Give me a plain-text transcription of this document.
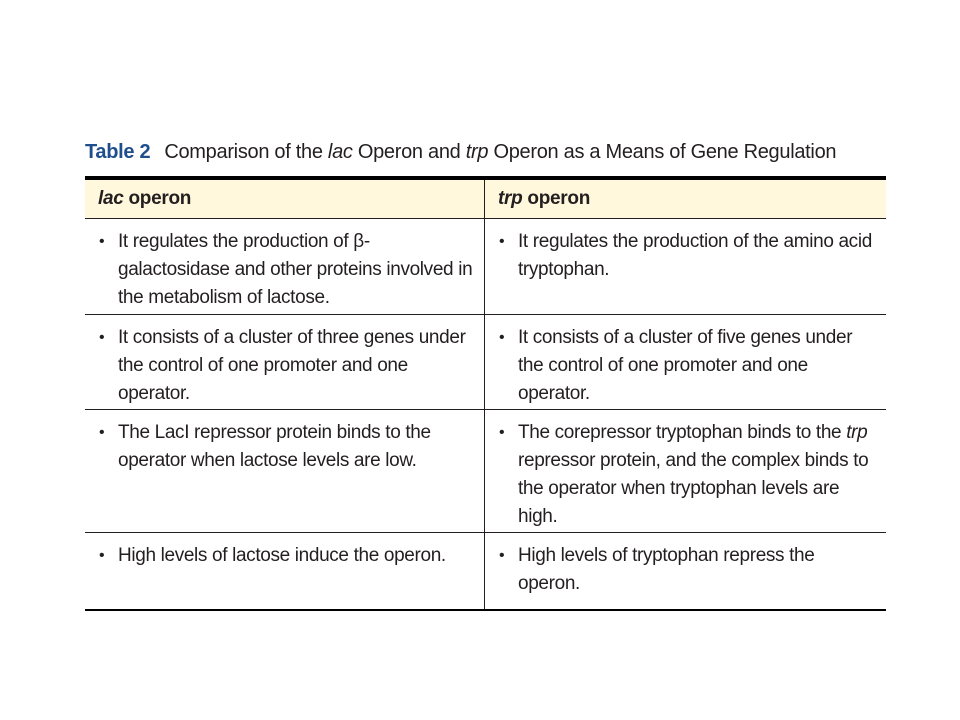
Table 2 Comparison of the lac Operon and trp Operon as a Means of Gene Regulation
lac operon	trp operon
• It regulates the production of β-galactosidase and other proteins involved in the metabolism of lactose.
• It regulates the production of the amino acid tryptophan.
• It consists of a cluster of three genes under the control of one promoter and one operator.
• It consists of a cluster of five genes under the control of one promoter and one operator.
• The LacI repressor protein binds to the operator when lactose levels are low.
• The corepressor tryptophan binds to the trp repressor protein, and the complex binds to the operator when tryptophan levels are high.
• High levels of lactose induce the operon.	• High levels of tryptophan repress the operon.
